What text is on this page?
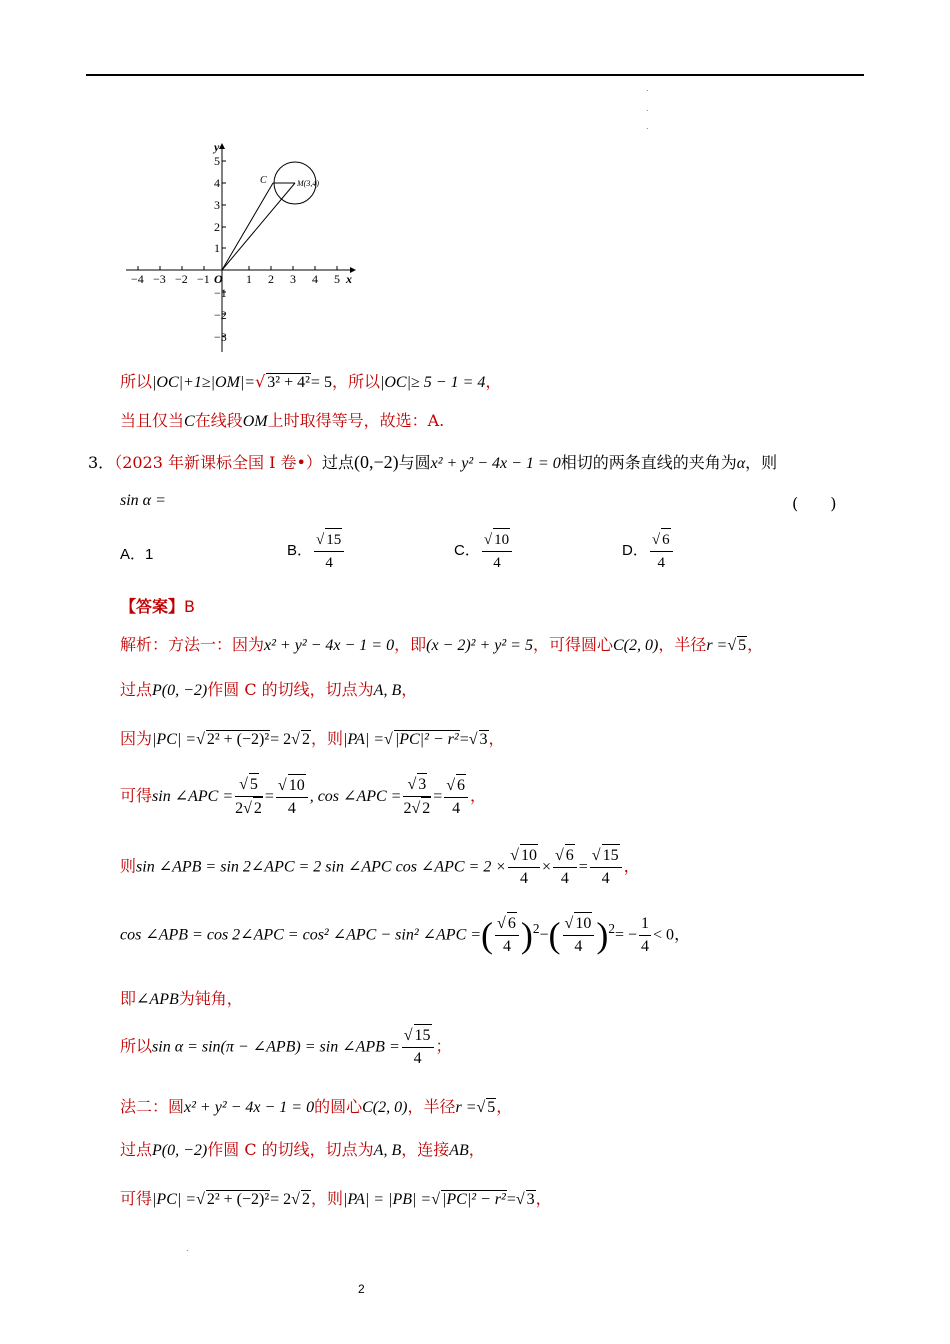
.
.
.
y
x
O
C	M(3,4)
5
4
3
2
1
−1
−2
−3
−4 −3 −2 −1	1 2 3 4 5
所以|OC|+1≥|OM|=√ 3² + 4²= 5，所以|OC|≥ 5 − 1 = 4，
当且仅当C在线段OM上时取得等号，故选：A.
3．（2023 年新课标全国 Ⅰ 卷•）过点(0,−2)与圆x² + y² − 4x − 1 = 0相切的两条直线的夹角为α，则
sin α =	(　　)
A．1	B． $\frac{√ 15}{4}$	C． $\frac{√ 10}{4}$	D． $\frac{√ 6}{4}$
【答案】B
解析：方法一：因为x² + y² − 4x − 1 = 0，即(x − 2)² + y² = 5，可得圆心C(2, 0)，半径r =√ 5，
过点P(0, −2)作圆 C 的切线，切点为A, B，
因为|PC| =√ 2² + (−2)²= 2√ 2，则|PA| =√ |PC|² − r²=√ 3，
可得sin ∠APC = $\frac{√ 5}{2√ 2} = \frac{√ 10}{4}$ , cos ∠APC = $\frac{√ 3}{2√ 2} = \frac{√ 6}{4}$ ，
则sin ∠APB = sin 2∠APC = 2 sin ∠APC cos ∠APC = $2 \times \frac{√ 10}{4} \times \frac{√ 6}{4} = \frac{√ 15}{4}$ ，
cos ∠APB = cos 2∠APC = cos² ∠APC − sin² ∠APC =( $\frac{√ 6}{4} )^2-( \frac{√ 10}{4} )^2= - \frac{1}{4} < 0$，
即∠APB为钝角，
所以sin α = sin(π − ∠APB) = sin ∠APB = $\frac{√ 15}{4}$ ；
法二：圆x² + y² − 4x − 1 = 0的圆心C(2, 0)，半径r =√ 5，
过点P(0, −2)作圆 C 的切线，切点为A, B，连接AB，
可得|PC| =√ 2² + (−2)²= 2√ 2，则|PA| = |PB| =√ |PC|² − r²=√ 3，
.
2
